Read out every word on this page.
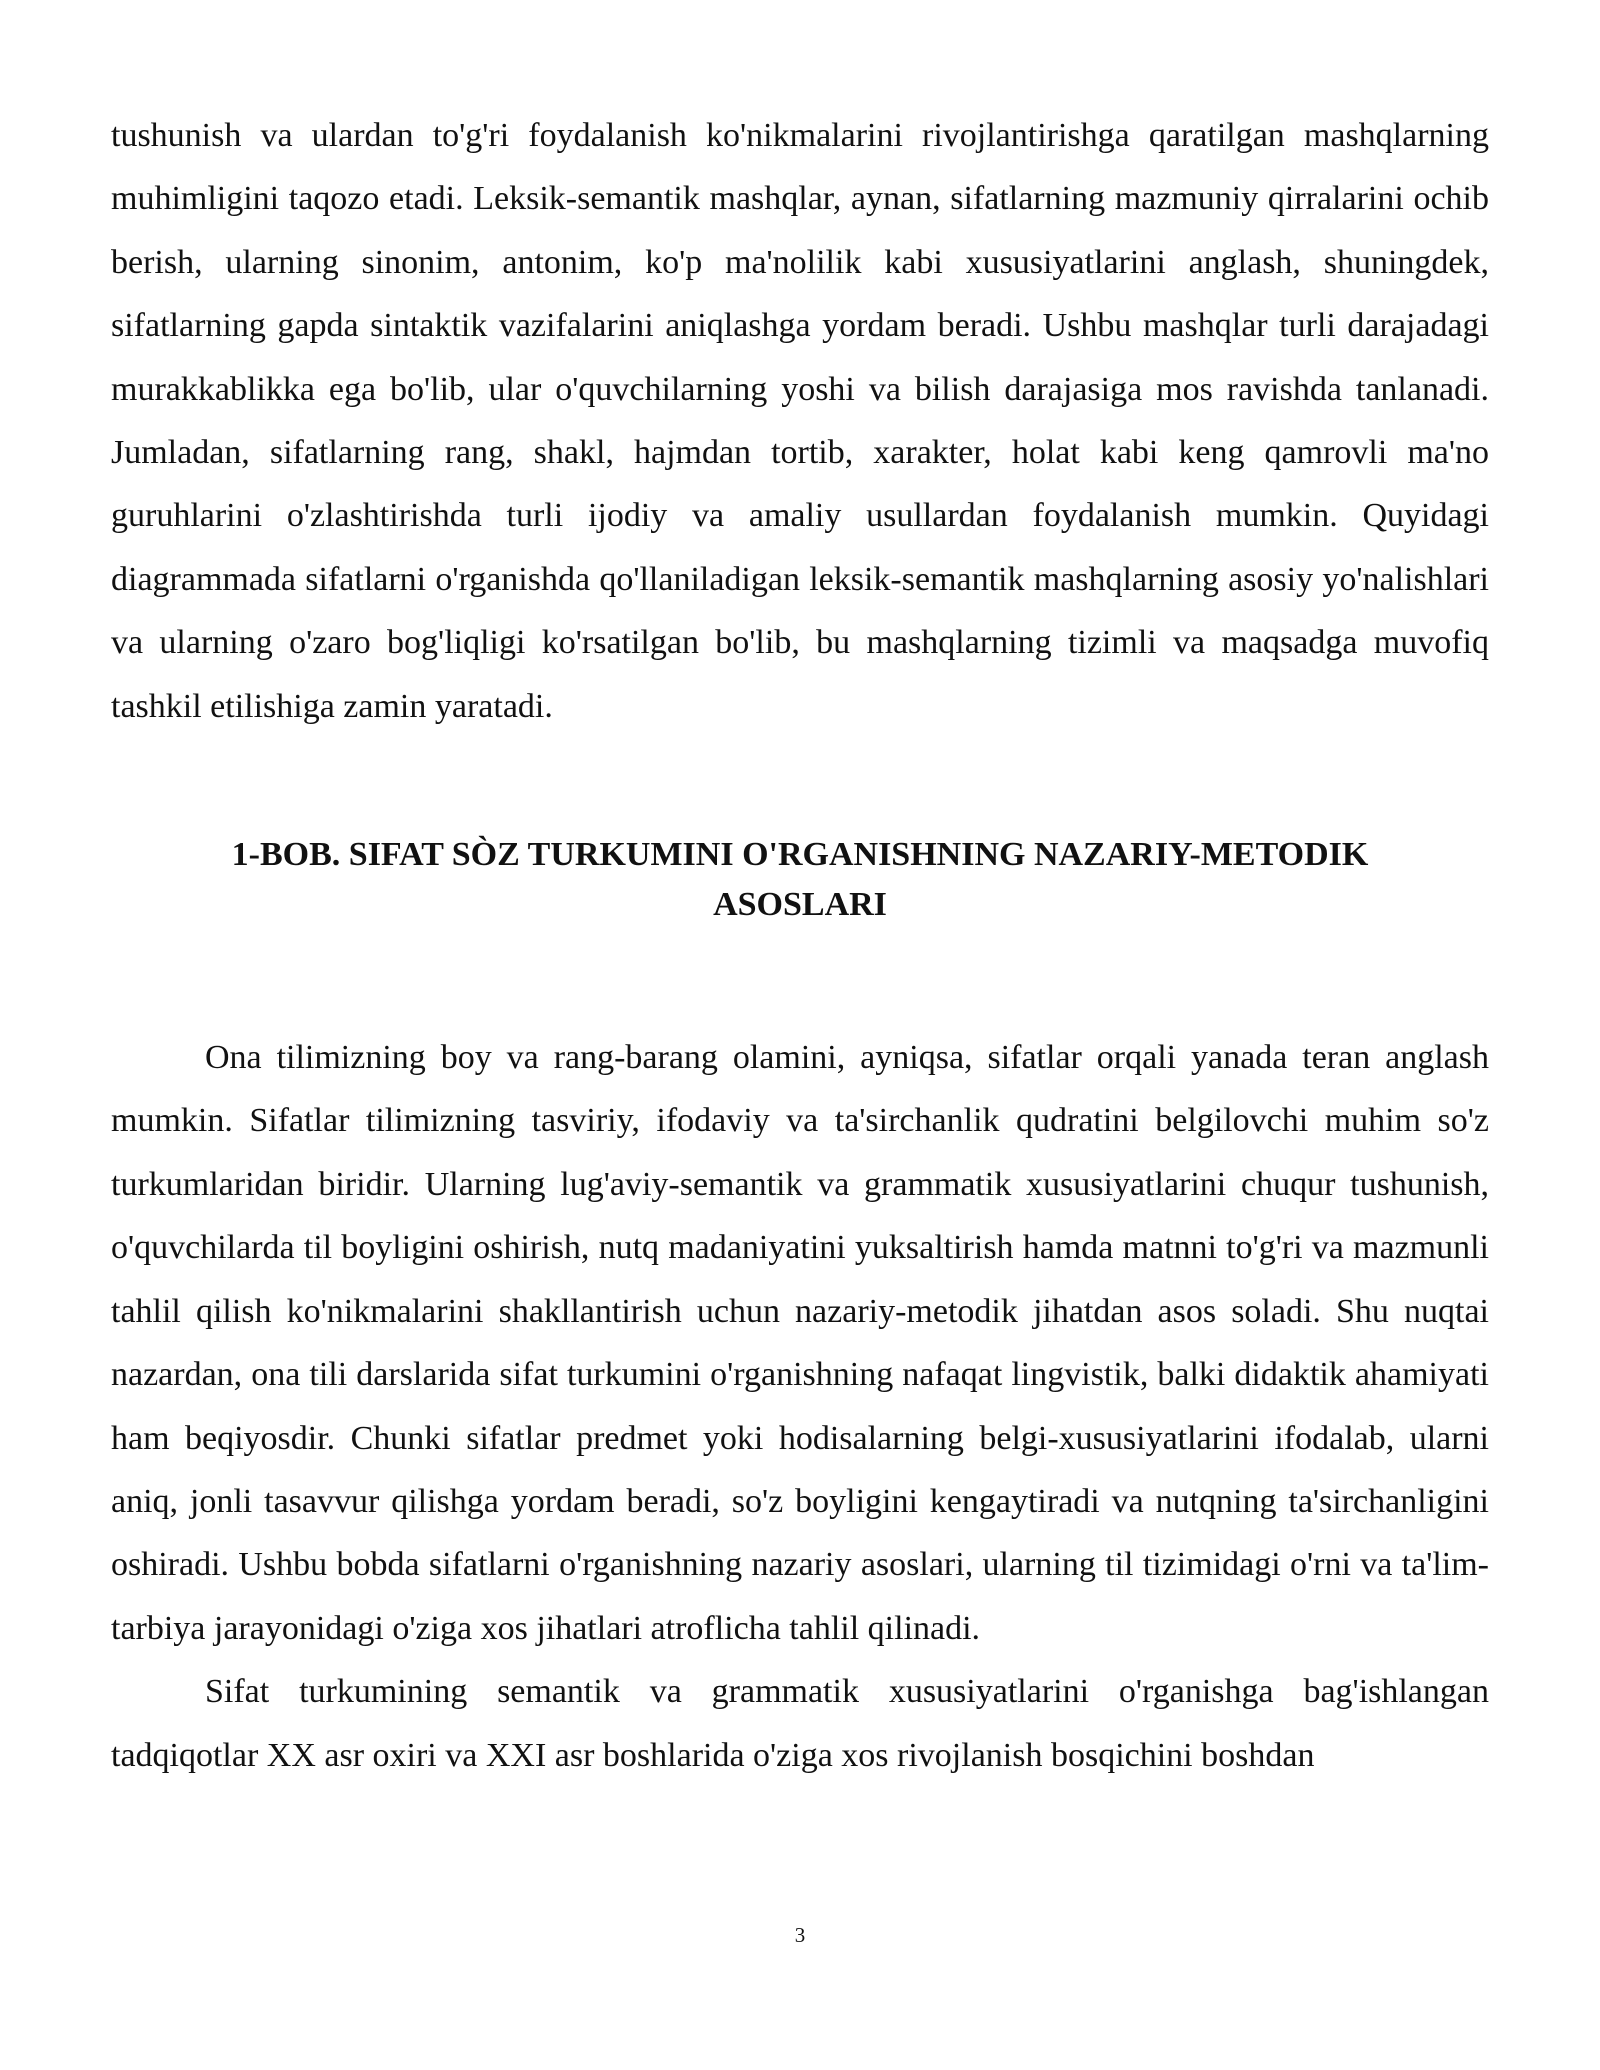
tushunish va ulardan to'g'ri foydalanish ko'nikmalarini rivojlantirishga qaratilgan mashqlarning muhimligini taqozo etadi. Leksik-semantik mashqlar, aynan, sifatlarning mazmuniy qirralarini ochib berish, ularning sinonim, antonim, ko'p ma'nolilik kabi xususiyatlarini anglash, shuningdek, sifatlarning gapda sintaktik vazifalarini aniqlashga yordam beradi. Ushbu mashqlar turli darajadagi murakkablikka ega bo'lib, ular o'quvchilarning yoshi va bilish darajasiga mos ravishda tanlanadi. Jumladan, sifatlarning rang, shakl, hajmdan tortib, xarakter, holat kabi keng qamrovli ma'no guruhlarini o'zlashtirishda turli ijodiy va amaliy usullardan foydalanish mumkin. Quyidagi diagrammada sifatlarni o'rganishda qo'llaniladigan leksik-semantik mashqlarning asosiy yo'nalishlari va ularning o'zaro bog'liqligi ko'rsatilgan bo'lib, bu mashqlarning tizimli va maqsadga muvofiq tashkil etilishiga zamin yaratadi.

1-BOB. SIFAT SÒZ TURKUMINI O'RGANISHNING NAZARIY-METODIK
ASOSLARI

Ona tilimizning boy va rang-barang olamini, ayniqsa, sifatlar orqali yanada teran anglash mumkin. Sifatlar tilimizning tasviriy, ifodaviy va ta'sirchanlik qudratini belgilovchi muhim so'z turkumlaridan biridir. Ularning lug'aviy-semantik va grammatik xususiyatlarini chuqur tushunish, o'quvchilarda til boyligini oshirish, nutq madaniyatini yuksaltirish hamda matnni to'g'ri va mazmunli tahlil qilish ko'nikmalarini shakllantirish uchun nazariy-metodik jihatdan asos soladi. Shu nuqtai nazardan, ona tili darslarida sifat turkumini o'rganishning nafaqat lingvistik, balki didaktik ahamiyati ham beqiyosdir. Chunki sifatlar predmet yoki hodisalarning belgi-xususiyatlarini ifodalab, ularni aniq, jonli tasavvur qilishga yordam beradi, so'z boyligini kengaytiradi va nutqning ta'sirchanligini oshiradi. Ushbu bobda sifatlarni o'rganishning nazariy asoslari, ularning til tizimidagi o'rni va ta'lim-tarbiya jarayonidagi o'ziga xos jihatlari atroflicha tahlil qilinadi.

Sifat turkumining semantik va grammatik xususiyatlarini o'rganishga bag'ishlangan tadqiqotlar XX asr oxiri va XXI asr boshlarida o'ziga xos rivojlanish bosqichini boshdan

3
